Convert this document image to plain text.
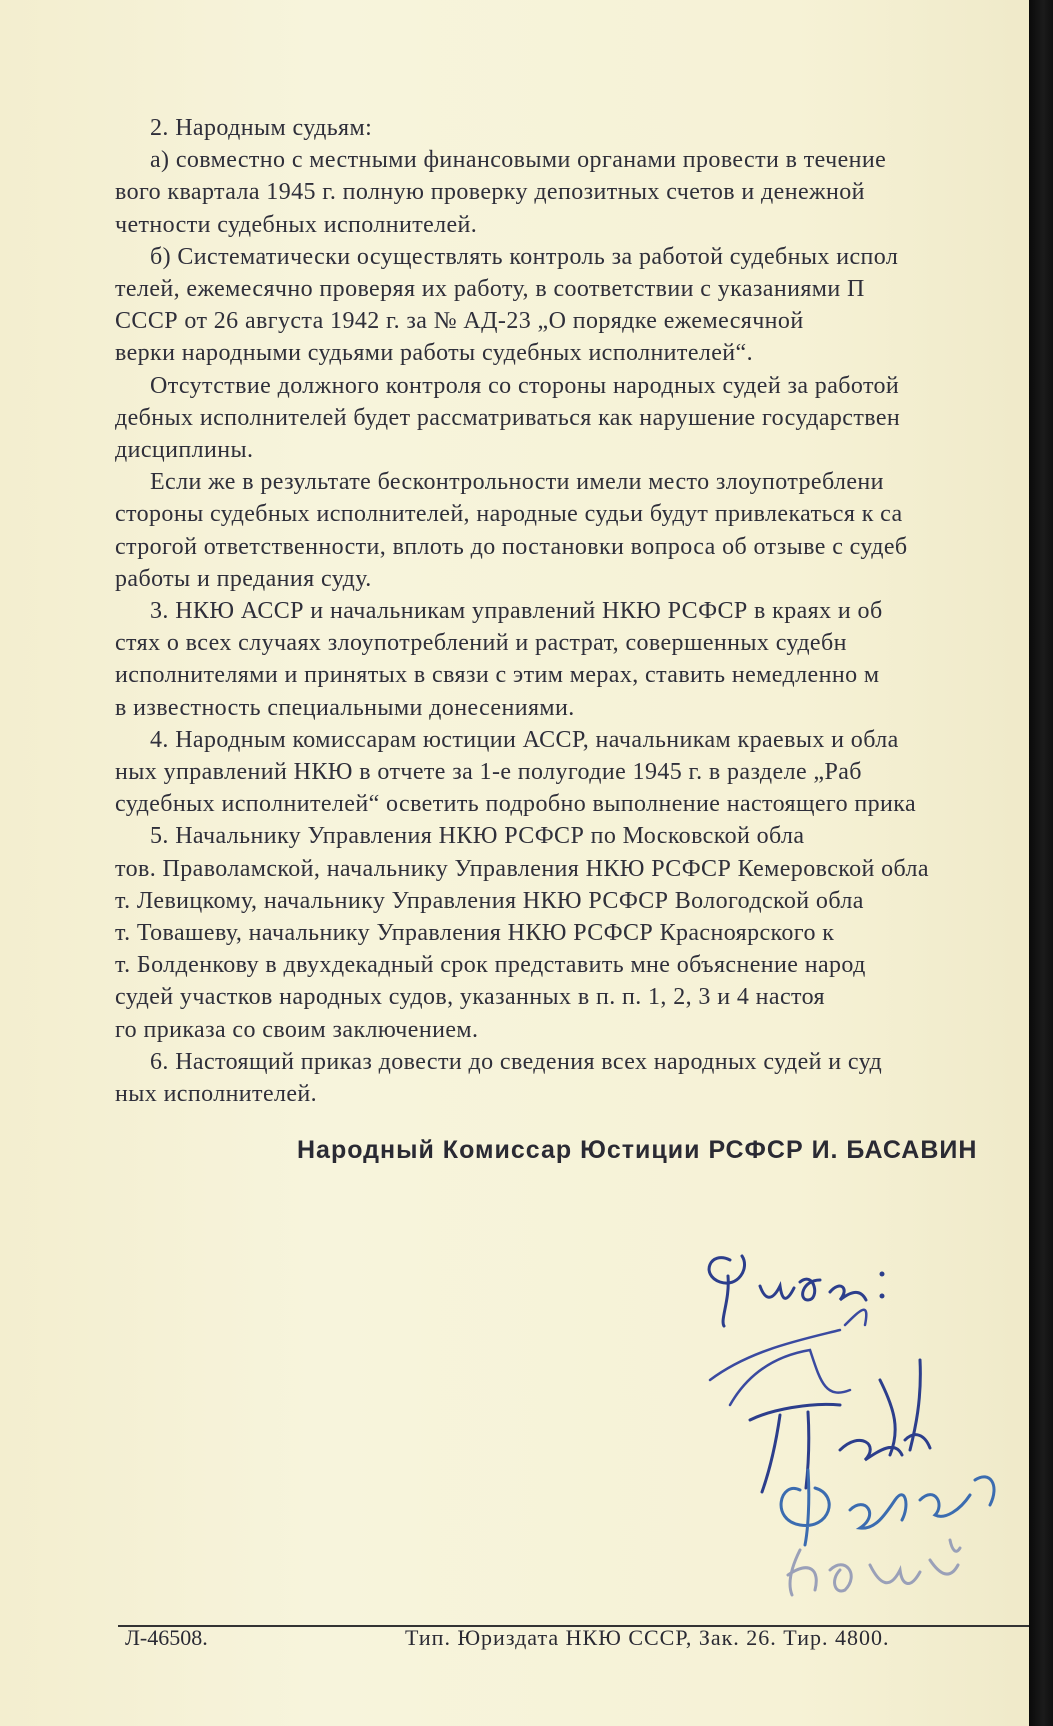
2. Народным судьям:

а) совместно с местными финансовыми органами провести в течение

вого квартала 1945 г. полную проверку депозитных счетов и денежной

четности судебных исполнителей.

б) Систематически осуществлять контроль за работой судебных испол

телей, ежемесячно проверяя их работу, в соответствии с указаниями П

СССР от 26 августа 1942 г. за № АД-23 „О порядке ежемесячной

верки народными судьями работы судебных исполнителей“.

Отсутствие должного контроля со стороны народных судей за работой

дебных исполнителей будет рассматриваться как нарушение государствен

дисциплины.

Если же в результате бесконтрольности имели место злоупотреблени

стороны судебных исполнителей, народные судьи будут привлекаться к са

строгой ответственности, вплоть до постановки вопроса об отзыве с судеб

работы и предания суду.

3. НКЮ АССР и начальникам управлений НКЮ РСФСР в краях и об

стях о всех случаях злоупотреблений и растрат, совершенных судебн

исполнителями и принятых в связи с этим мерах, ставить немедленно м

в известность специальными донесениями.

4. Народным комиссарам юстиции АССР, начальникам краевых и обла

ных управлений НКЮ в отчете за 1-е полугодие 1945 г. в разделе „Раб

судебных исполнителей“ осветить подробно выполнение настоящего прика

5. Начальнику Управления НКЮ РСФСР по Московской обла

тов. Праволамской, начальнику Управления НКЮ РСФСР Кемеровской обла

т. Левицкому, начальнику Управления НКЮ РСФСР Вологодской обла

т. Товашеву, начальнику Управления НКЮ РСФСР Красноярского к

т. Болденкову в двухдекадный срок представить мне объяснение народ

судей участков народных судов, указанных в п. п. 1, 2, 3 и 4 настоя

го приказа со своим заключением.

6. Настоящий приказ довести до сведения всех народных судей и суд

ных исполнителей.

Народный Комиссар Юстиции РСФСР И. БАСАВИН
Л-46508.	Тип. Юриздата НКЮ СССР, Зак. 26. Тир. 4800.
